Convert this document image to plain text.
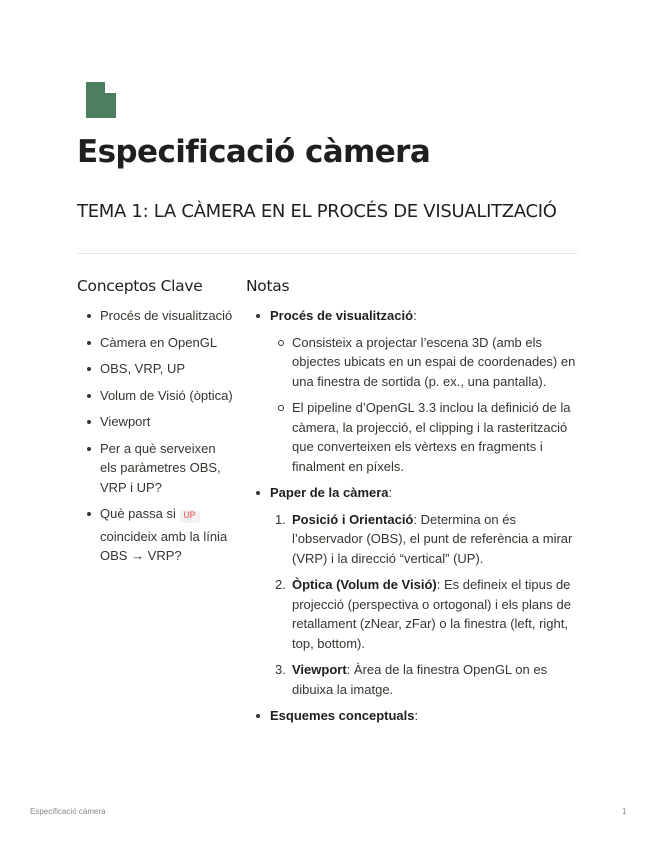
Especificació càmera
TEMA 1: LA CÀMERA EN EL PROCÉS DE VISUALITZACIÓ
Conceptos Clave
Procés de visualització
Càmera en OpenGL
OBS, VRP, UP
Volum de Visió (òptica)
Viewport
Per a què serveixen els paràmetres OBS, VRP i UP?
Què passa si UP coincideix amb la línia OBS → VRP?
Notas
Procés de visualització:
Consisteix a projectar l’escena 3D (amb els objectes ubicats en un espai de coordenades) en una finestra de sortida (p. ex., una pantalla).
El pipeline d’OpenGL 3.3 inclou la definició de la càmera, la projecció, el clipping i la rasterització que converteixen els vèrtexs en fragments i finalment en píxels.
Paper de la càmera:
1. Posició i Orientació: Determina on és l’observador (OBS), el punt de referència a mirar (VRP) i la direcció “vertical” (UP).
2. Òptica (Volum de Visió): Es defineix el tipus de projecció (perspectiva o ortogonal) i els plans de retallament (zNear, zFar) o la finestra (left, right, top, bottom).
3. Viewport: Àrea de la finestra OpenGL on es dibuixa la imatge.
Esquemes conceptuals:
Especificació càmera	1
